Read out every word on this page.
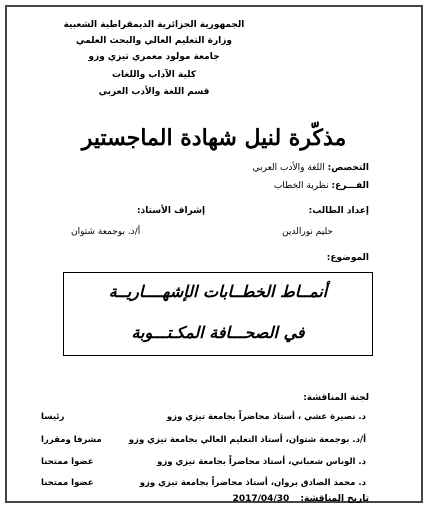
الجمهورية الجزائرية الديمقراطية الشعبية
وزارة التعليم العالي والبحث العلمي
جامعة مولود معمري تيزي وزو
كلية الآداب واللغات
قسم اللغة والأدب العربي
مذكّرة لنيل شهادة الماجستير
التخصص: اللغة والأدب العربي
الفـــرع: نظرية الخطاب
إعداد الطالب:
إشراف الأستاذ:
حليم نورالدين
أ/د. بوجمعة شتوان
الموضوع:
أنمــاط الخطــابات الإشهــــاريــة
في الصحـــافة المكـتـــوبة
لجنة المناقشة:
د. نصيرة عشي ، أستاذ محاضراً بجامعة تيزي وزو
رئيسا
أ/د. بوجمعة شتوان، أستاذ التعليم العالي بجامعة تيزي وزو
مشرفا ومقررا
د. الوناس شعباني، أستاذ محاضراً بجامعة تيزي وزو
عضوا ممتحنا
د. محمد الصادق بروان، أستاذ محاضراً بجامعة تيزي وزو
عضوا ممتحنا
تاريخ المناقشة: 2017/04/30
